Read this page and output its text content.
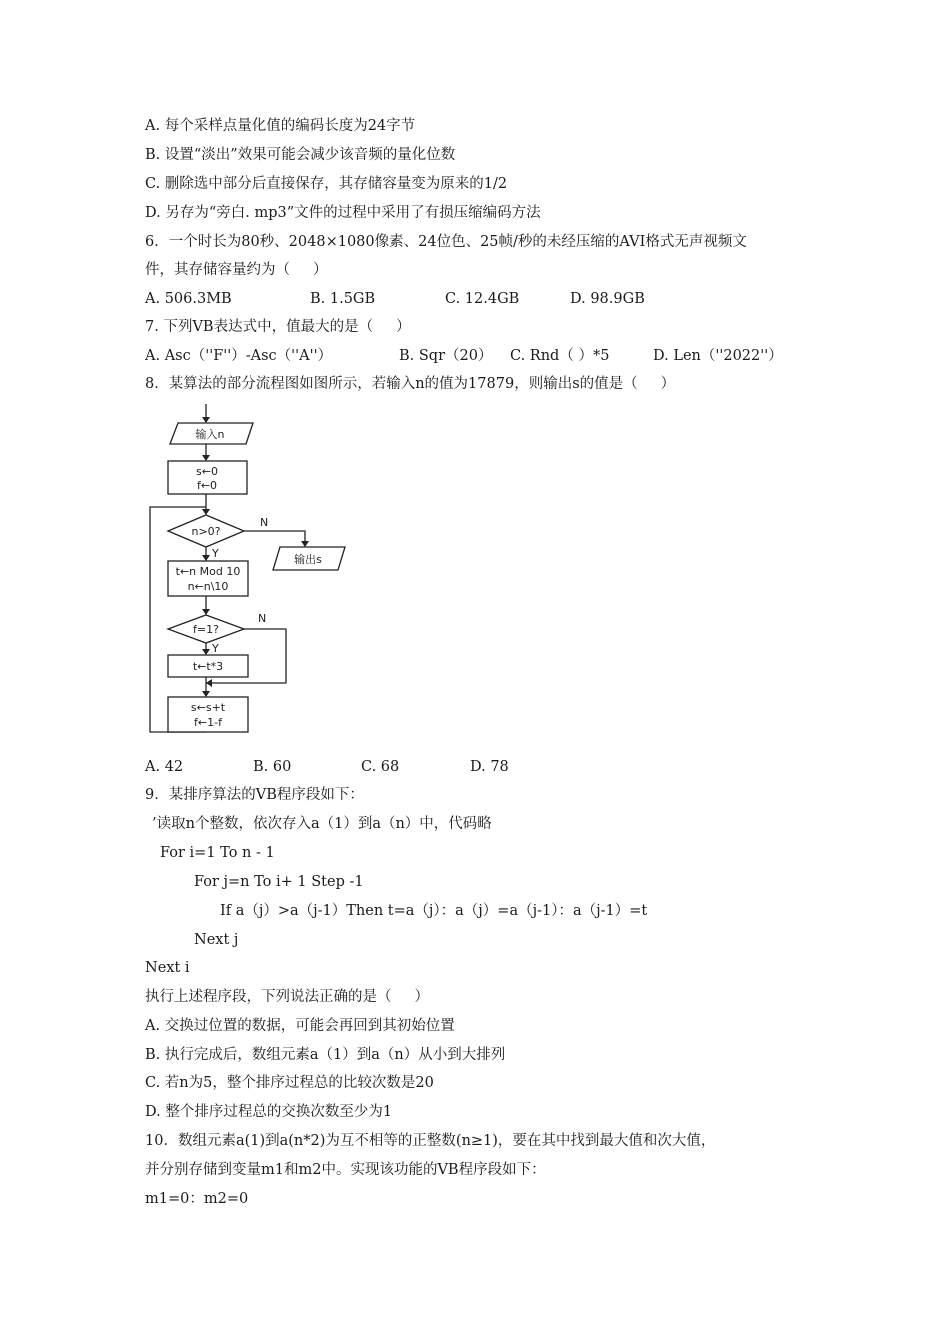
A. 每个采样点量化值的编码长度为24字节
B. 设置“淡出”效果可能会减少该音频的量化位数
C. 删除选中部分后直接保存，其存储容量变为原来的1/2
D. 另存为“旁白. mp3”文件的过程中采用了有损压缩编码方法
6．一个时长为80秒、2048×1080像素、24位色、25帧/秒的未经压缩的AVI格式无声视频文
件，其存储容量约为（     ）

A. 506.3MB

	B. 1.5GB

	C. 12.4GB

	D. 98.9GB

7. 下列VB表达式中，值最大的是（     ）

A. Asc（''F''）-Asc（''A''）

	B. Sqr（20）

C. Rnd（ ）*5

	D. Len（''2022''）

8．某算法的部分流程图如图所示，若输入n的值为17879，则输出s的值是（     ）
输入n
s←0
f←0
n>0?
N
输出s
Y
t←n Mod 10
n←n\10
f=1?
N
Y
t←t*3
s←s+t
f←1-f

A. 42

	B. 60

	C. 68

	D. 78

9．某排序算法的VB程序段如下：
’读取n个整数，依次存入a（1）到a（n）中，代码略
For i=1 To n - 1
For j=n To i+ 1 Step -1
If a（j）>a（j-1）Then t=a（j）：a（j）=a（j-1）：a（j-1）=t
Next j
Next i
执行上述程序段，下列说法正确的是（     ）
A. 交换过位置的数据，可能会再回到其初始位置
B. 执行完成后，数组元素a（1）到a（n）从小到大排列
C. 若n为5，整个排序过程总的比较次数是20
D. 整个排序过程总的交换次数至少为1
10．数组元素a(1)到a(n*2)为互不相等的正整数(n≥1)，要在其中找到最大值和次大值，
并分别存储到变量m1和m2中。实现该功能的VB程序段如下：
m1=0：m2=0
